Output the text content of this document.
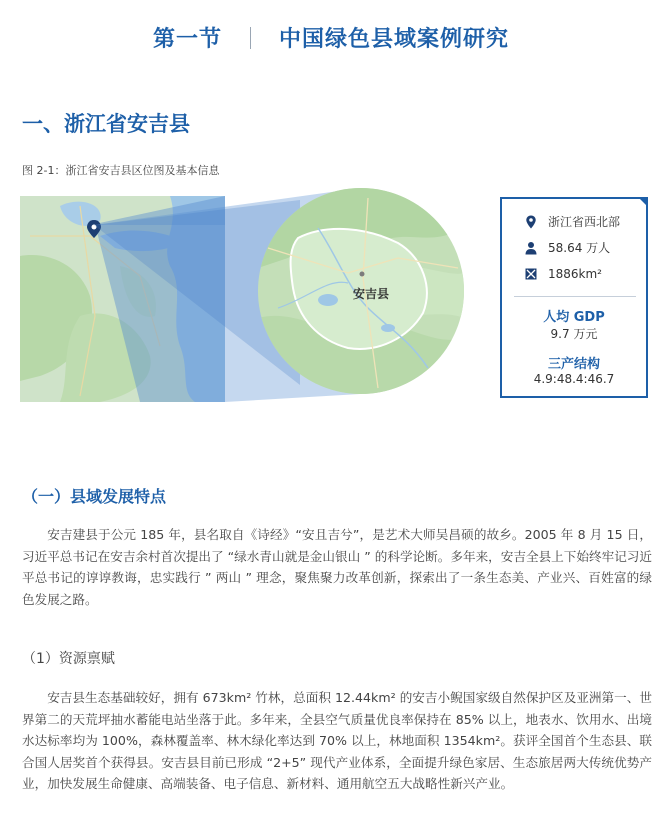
第一节	中国绿色县域案例研究
一、浙江省安吉县
图 2-1：浙江省安吉县区位图及基本信息
安吉县
浙江省西北部
58.64 万人
1886km²
人均 GDP
9.7 万元
三产结构
4.9:48.4:46.7
（一）县域发展特点

安吉建县于公元 185 年，县名取自《诗经》“安且吉兮”，是艺术大师吴昌硕的故乡。2005 年 8 月 15 日，习近平总书记在安吉余村首次提出了 “绿水青山就是金山银山 ” 的科学论断。多年来，安吉全县上下始终牢记习近平总书记的谆谆教诲，忠实践行 ” 两山 ” 理念，聚焦聚力改革创新，探索出了一条生态美、产业兴、百姓富的绿色发展之路。

（1）资源禀赋

安吉县生态基础较好，拥有 673km² 竹林，总面积 12.44km² 的安吉小鲵国家级自然保护区及亚洲第一、世界第二的天荒坪抽水蓄能电站坐落于此。多年来，全县空气质量优良率保持在 85% 以上，地表水、饮用水、出境水达标率均为 100%，森林覆盖率、林木绿化率达到 70% 以上，林地面积 1354km²。获评全国首个生态县、联合国人居奖首个获得县。安吉县目前已形成 “2+5” 现代产业体系，全面提升绿色家居、生态旅居两大传统优势产业，加快发展生命健康、高端装备、电子信息、新材料、通用航空五大战略性新兴产业。
